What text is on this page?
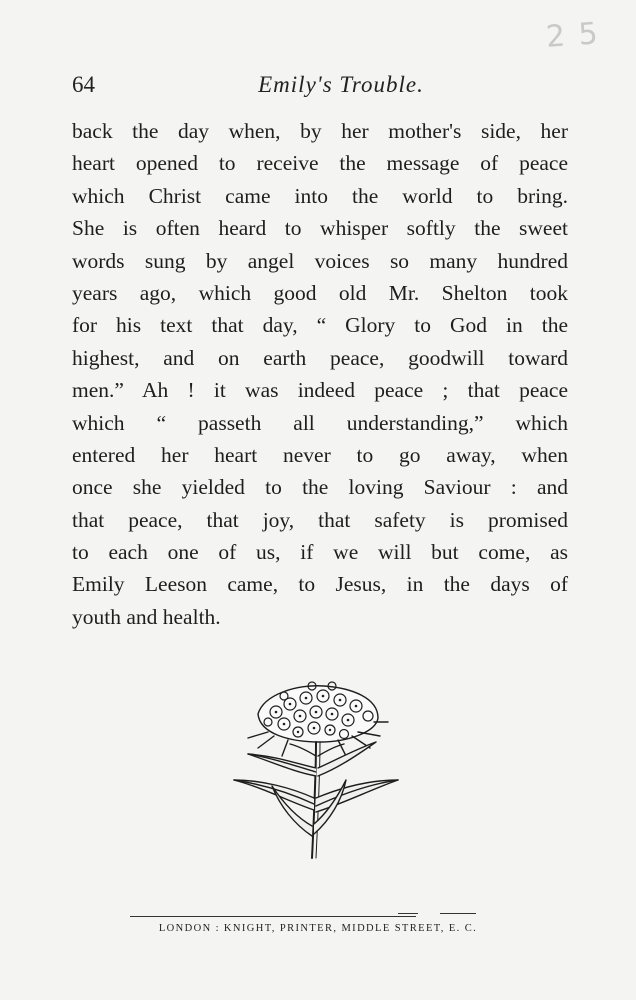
2 5
64	Emily's Trouble.
back the day when, by her mother's side, her
heart opened to receive the message of peace
which Christ came into the world to bring.
She is often heard to whisper softly the sweet
words sung by angel voices so many hundred
years ago, which good old Mr. Shelton took
for his text that day, “ Glory to God in the
highest, and on earth peace, goodwill toward
men.” Ah ! it was indeed peace ; that peace
which “ passeth all understanding,” which
entered her heart never to go away, when
once she yielded to the loving Saviour : and
that peace, that joy, that safety is promised
to each one of us, if we will but come, as
Emily Leeson came, to Jesus, in the days of
youth and health.
LONDON : KNIGHT, PRINTER, MIDDLE STREET, E. C.
